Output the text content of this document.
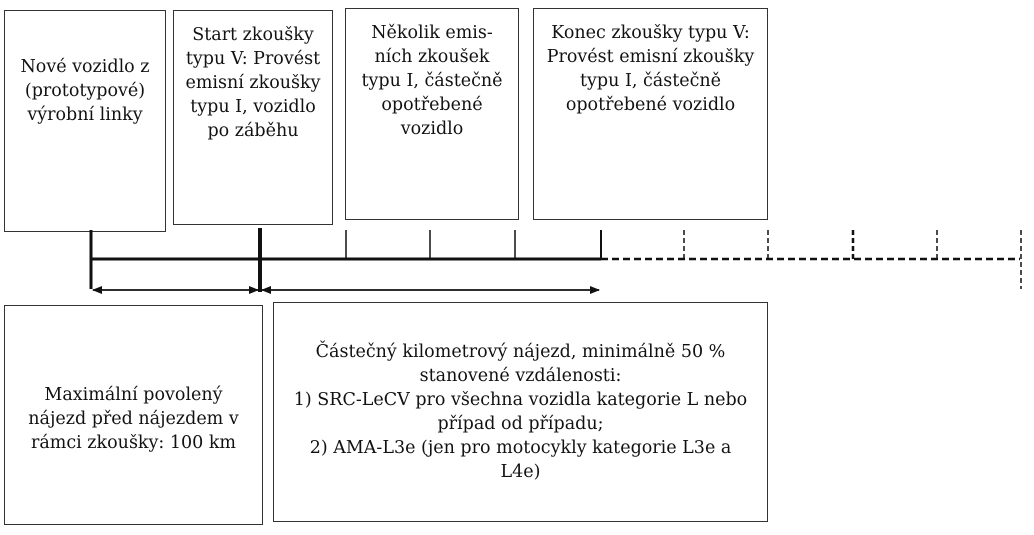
Nové vozidlo z
(prototypové)
výrobní linky
Start zkoušky
typu V: Provést
emisní zkoušky
typu I, vozidlo
po záběhu
Několik emis-
ních zkoušek
typu I, částečně
opotřebené
vozidlo
Konec zkoušky typu V:
Provést emisní zkoušky
typu I, částečně
opotřebené vozidlo
Maximální povolený
nájezd před nájezdem v
rámci zkoušky: 100 km
Částečný kilometrový nájezd, minimálně 50 %
stanovené vzdálenosti:
1) SRC-LeCV pro všechna vozidla kategorie L nebo
případ od případu;
2) AMA-L3e (jen pro motocykly kategorie L3e a
L4e)
